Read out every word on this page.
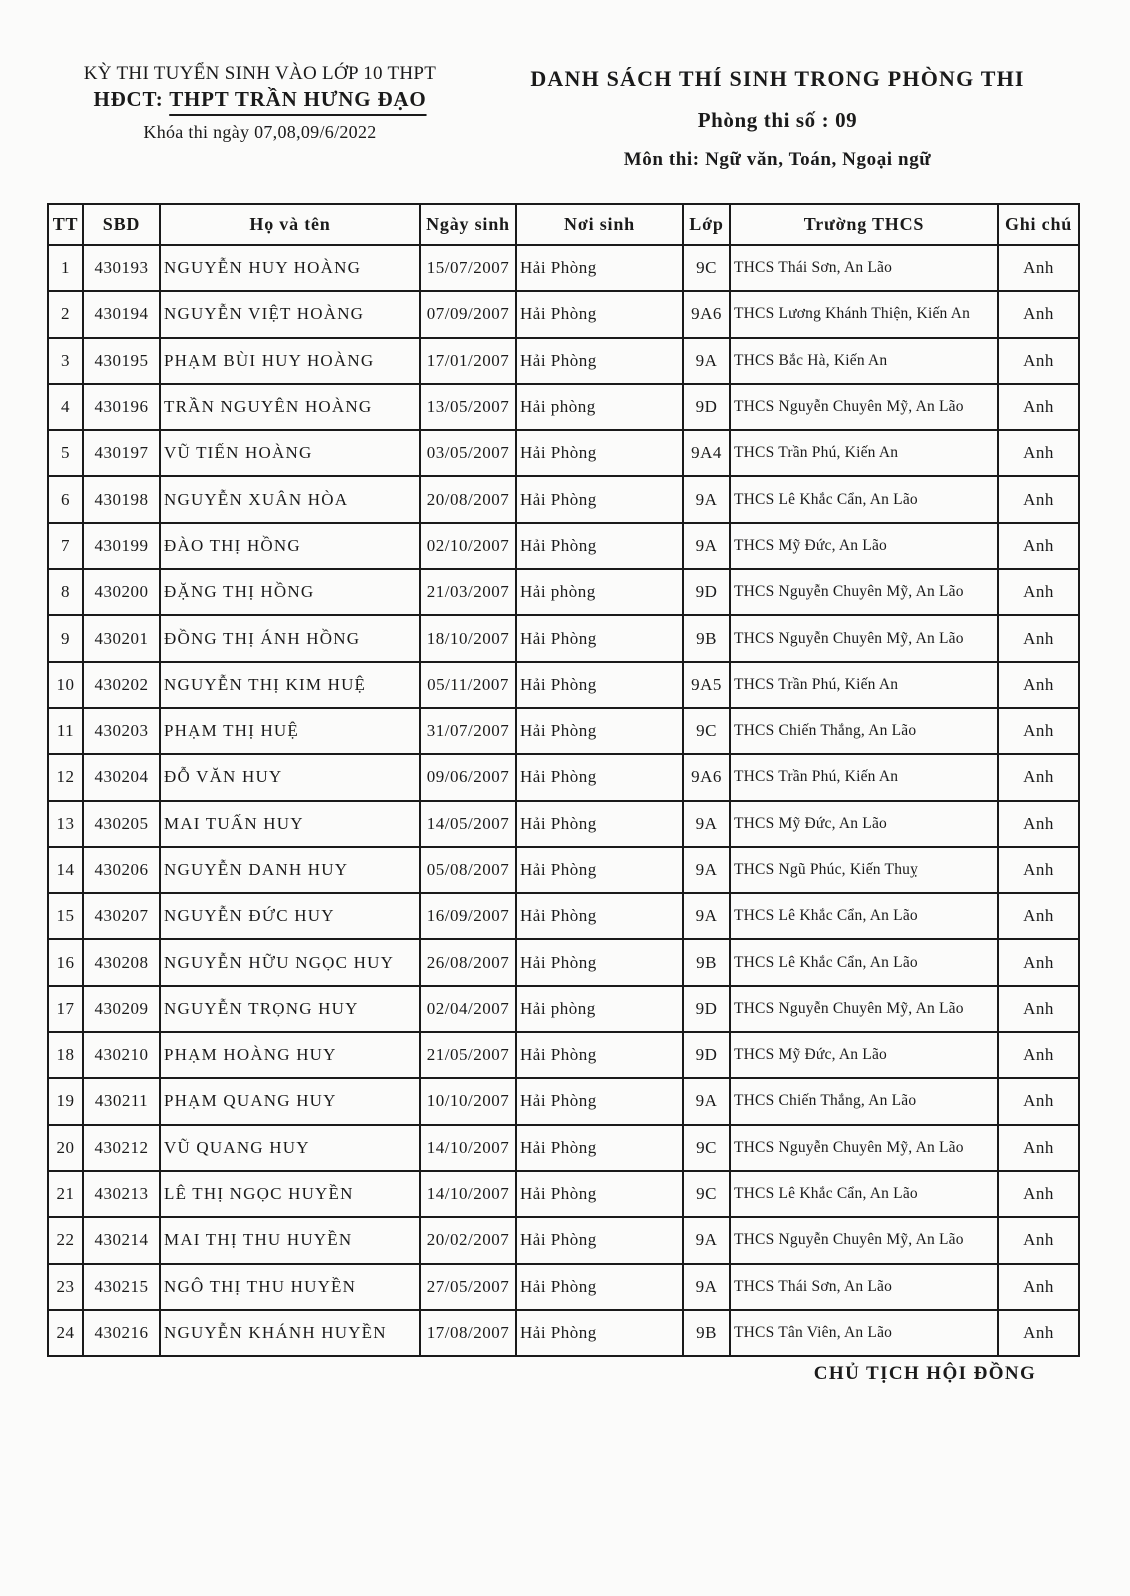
KỲ THI TUYỂN SINH VÀO LỚP 10 THPT
HĐCT: THPT TRẦN HƯNG ĐẠO
Khóa thi ngày 07,08,09/6/2022
DANH SÁCH THÍ SINH TRONG PHÒNG THI
Phòng thi số : 09
Môn thi: Ngữ văn, Toán, Ngoại ngữ
TT	SBD	Họ và tên	Ngày sinh	Nơi sinh	Lớp	Trường THCS	Ghi chú
1	430193	NGUYỄN HUY HOÀNG	15/07/2007	Hải Phòng	9C	THCS Thái Sơn, An Lão	Anh
2	430194	NGUYỄN VIỆT HOÀNG	07/09/2007	Hải Phòng	9A6	THCS Lương Khánh Thiện, Kiến An	Anh
3	430195	PHẠM BÙI HUY HOÀNG	17/01/2007	Hải Phòng	9A	THCS Bắc Hà, Kiến An	Anh
4	430196	TRẦN NGUYÊN HOÀNG	13/05/2007	Hải phòng	9D	THCS Nguyễn Chuyên Mỹ, An Lão	Anh
5	430197	VŨ TIẾN HOÀNG	03/05/2007	Hải Phòng	9A4	THCS Trần Phú, Kiến An	Anh
6	430198	NGUYỄN XUÂN HÒA	20/08/2007	Hải Phòng	9A	THCS Lê Khắc Cẩn, An Lão	Anh
7	430199	ĐÀO THỊ HỒNG	02/10/2007	Hải Phòng	9A	THCS Mỹ Đức, An Lão	Anh
8	430200	ĐẶNG THỊ HỒNG	21/03/2007	Hải phòng	9D	THCS Nguyễn Chuyên Mỹ, An Lão	Anh
9	430201	ĐỒNG THỊ ÁNH HỒNG	18/10/2007	Hải Phòng	9B	THCS Nguyễn Chuyên Mỹ, An Lão	Anh
10	430202	NGUYỄN THỊ KIM HUỆ	05/11/2007	Hải Phòng	9A5	THCS Trần Phú, Kiến An	Anh
11	430203	PHẠM THỊ HUỆ	31/07/2007	Hải Phòng	9C	THCS Chiến Thắng, An Lão	Anh
12	430204	ĐỖ VĂN HUY	09/06/2007	Hải Phòng	9A6	THCS Trần Phú, Kiến An	Anh
13	430205	MAI TUẤN HUY	14/05/2007	Hải Phòng	9A	THCS Mỹ Đức, An Lão	Anh
14	430206	NGUYỄN DANH HUY	05/08/2007	Hải Phòng	9A	THCS Ngũ Phúc, Kiến Thuỵ	Anh
15	430207	NGUYỄN ĐỨC HUY	16/09/2007	Hải Phòng	9A	THCS Lê Khắc Cẩn, An Lão	Anh
16	430208	NGUYỄN HỮU NGỌC HUY	26/08/2007	Hải Phòng	9B	THCS Lê Khắc Cẩn, An Lão	Anh
17	430209	NGUYỄN TRỌNG HUY	02/04/2007	Hải phòng	9D	THCS Nguyễn Chuyên Mỹ, An Lão	Anh
18	430210	PHẠM HOÀNG HUY	21/05/2007	Hải Phòng	9D	THCS Mỹ Đức, An Lão	Anh
19	430211	PHẠM QUANG HUY	10/10/2007	Hải Phòng	9A	THCS Chiến Thắng, An Lão	Anh
20	430212	VŨ QUANG HUY	14/10/2007	Hải Phòng	9C	THCS Nguyễn Chuyên Mỹ, An Lão	Anh
21	430213	LÊ THỊ NGỌC HUYỀN	14/10/2007	Hải Phòng	9C	THCS Lê Khắc Cẩn, An Lão	Anh
22	430214	MAI THỊ THU HUYỀN	20/02/2007	Hải Phòng	9A	THCS Nguyễn Chuyên Mỹ, An Lão	Anh
23	430215	NGÔ THỊ THU HUYỀN	27/05/2007	Hải Phòng	9A	THCS Thái Sơn, An Lão	Anh
24	430216	NGUYỄN KHÁNH HUYỀN	17/08/2007	Hải Phòng	9B	THCS Tân Viên, An Lão	Anh
CHỦ TỊCH HỘI ĐỒNG
